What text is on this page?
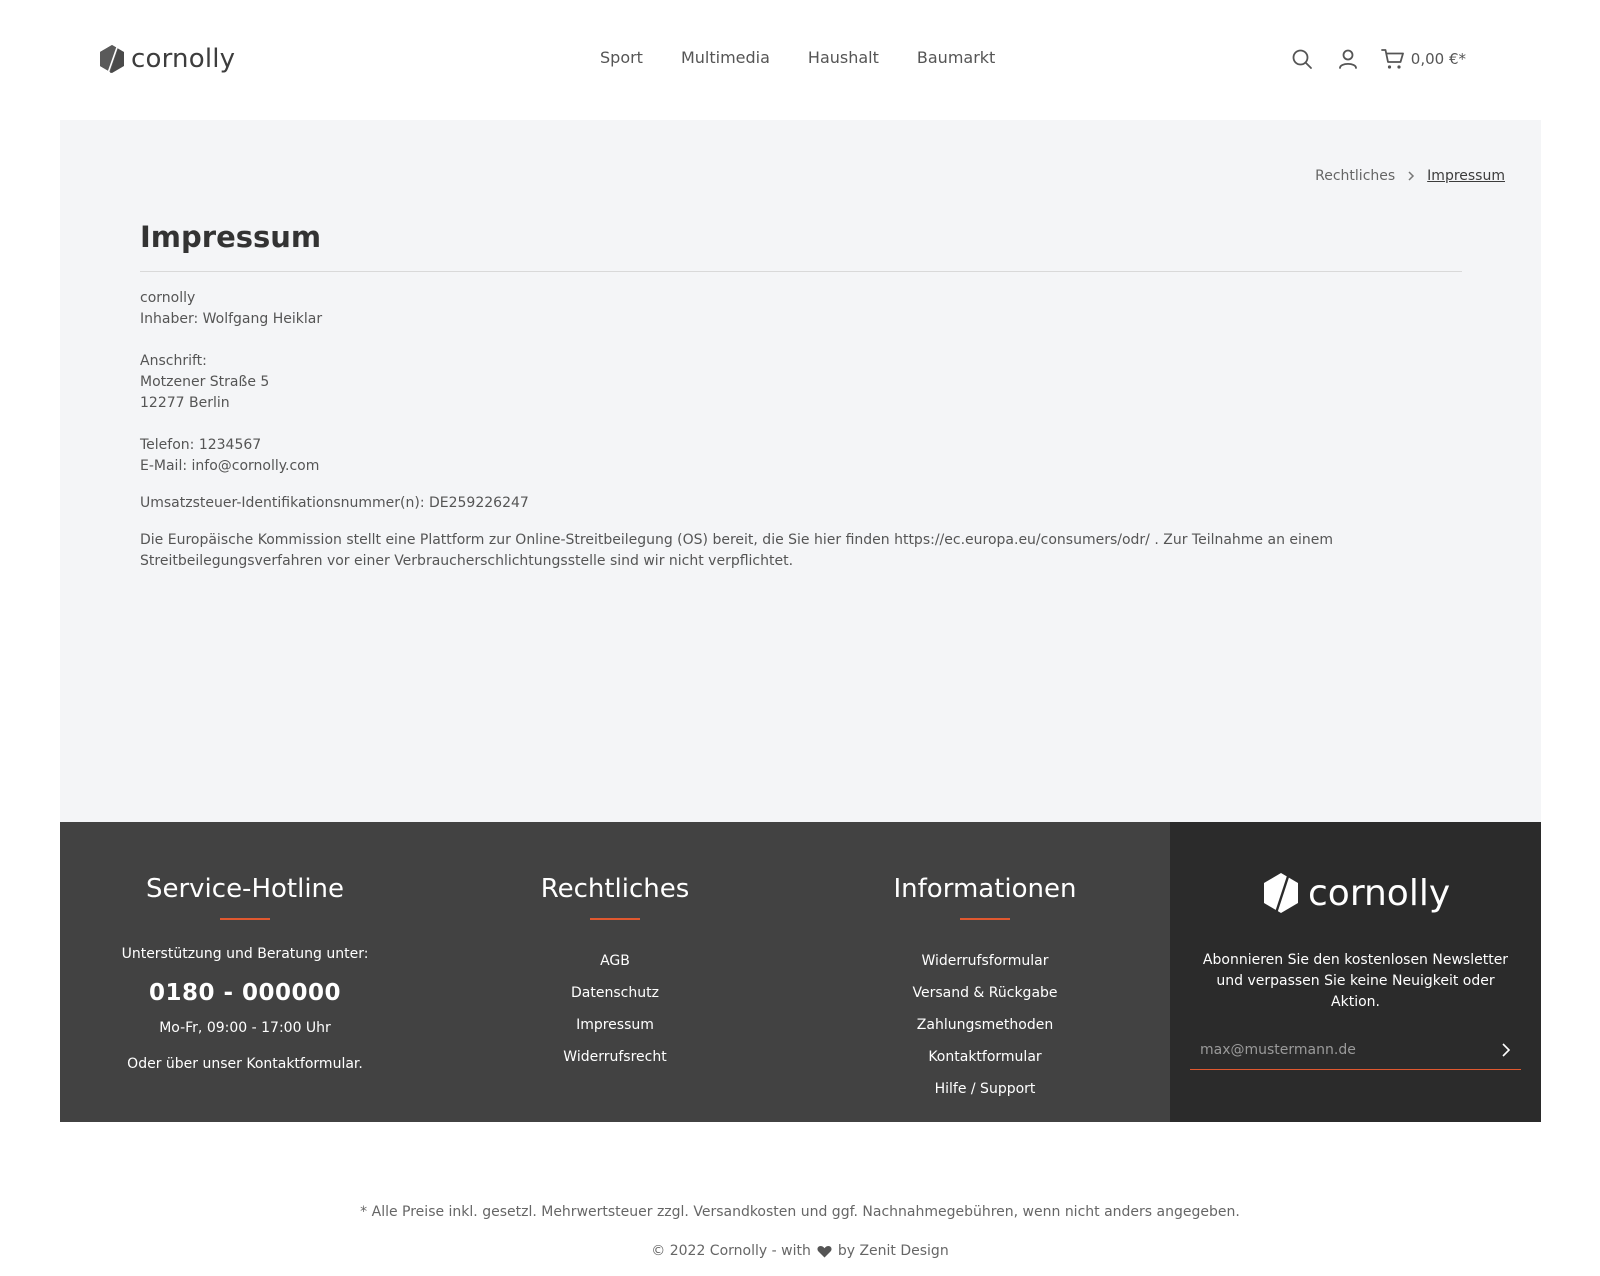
cornolly	Sport Multimedia Haushalt Baumarkt	0,00 €*
Rechtliches Impressum
Impressum

cornolly

Inhaber: Wolfgang Heiklar

Anschrift:

Motzener Straße 5

12277 Berlin

Telefon: 1234567

E-Mail: info@cornolly.com

Umsatzsteuer-Identifikationsnummer(n): DE259226247

Die Europäische Kommission stellt eine Plattform zur Online-Streitbeilegung (OS) bereit, die Sie hier finden https://ec.europa.eu/consumers/odr/ . Zur Teilnahme an einem Streitbeilegungsverfahren vor einer Verbraucherschlichtungsstelle sind wir nicht verpflichtet.

Service-Hotline

Unterstützung und Beratung unter:

0180 - 000000

Mo-Fr, 09:00 - 17:00 Uhr

Oder über unser Kontaktformular.

Rechtliches
AGB
Datenschutz
Impressum
Widerrufsrecht
Informationen
Widerrufsformular
Versand & Rückgabe
Zahlungsmethoden
Kontaktformular
Hilfe / Support
cornolly

Abonnieren Sie den kostenlosen Newsletter und verpassen Sie keine Neuigkeit oder Aktion.

max@mustermann.de

* Alle Preise inkl. gesetzl. Mehrwertsteuer zzgl. Versandkosten und ggf. Nachnahmegebühren, wenn nicht anders angegeben.

© 2022 Cornolly - with by Zenit Design
